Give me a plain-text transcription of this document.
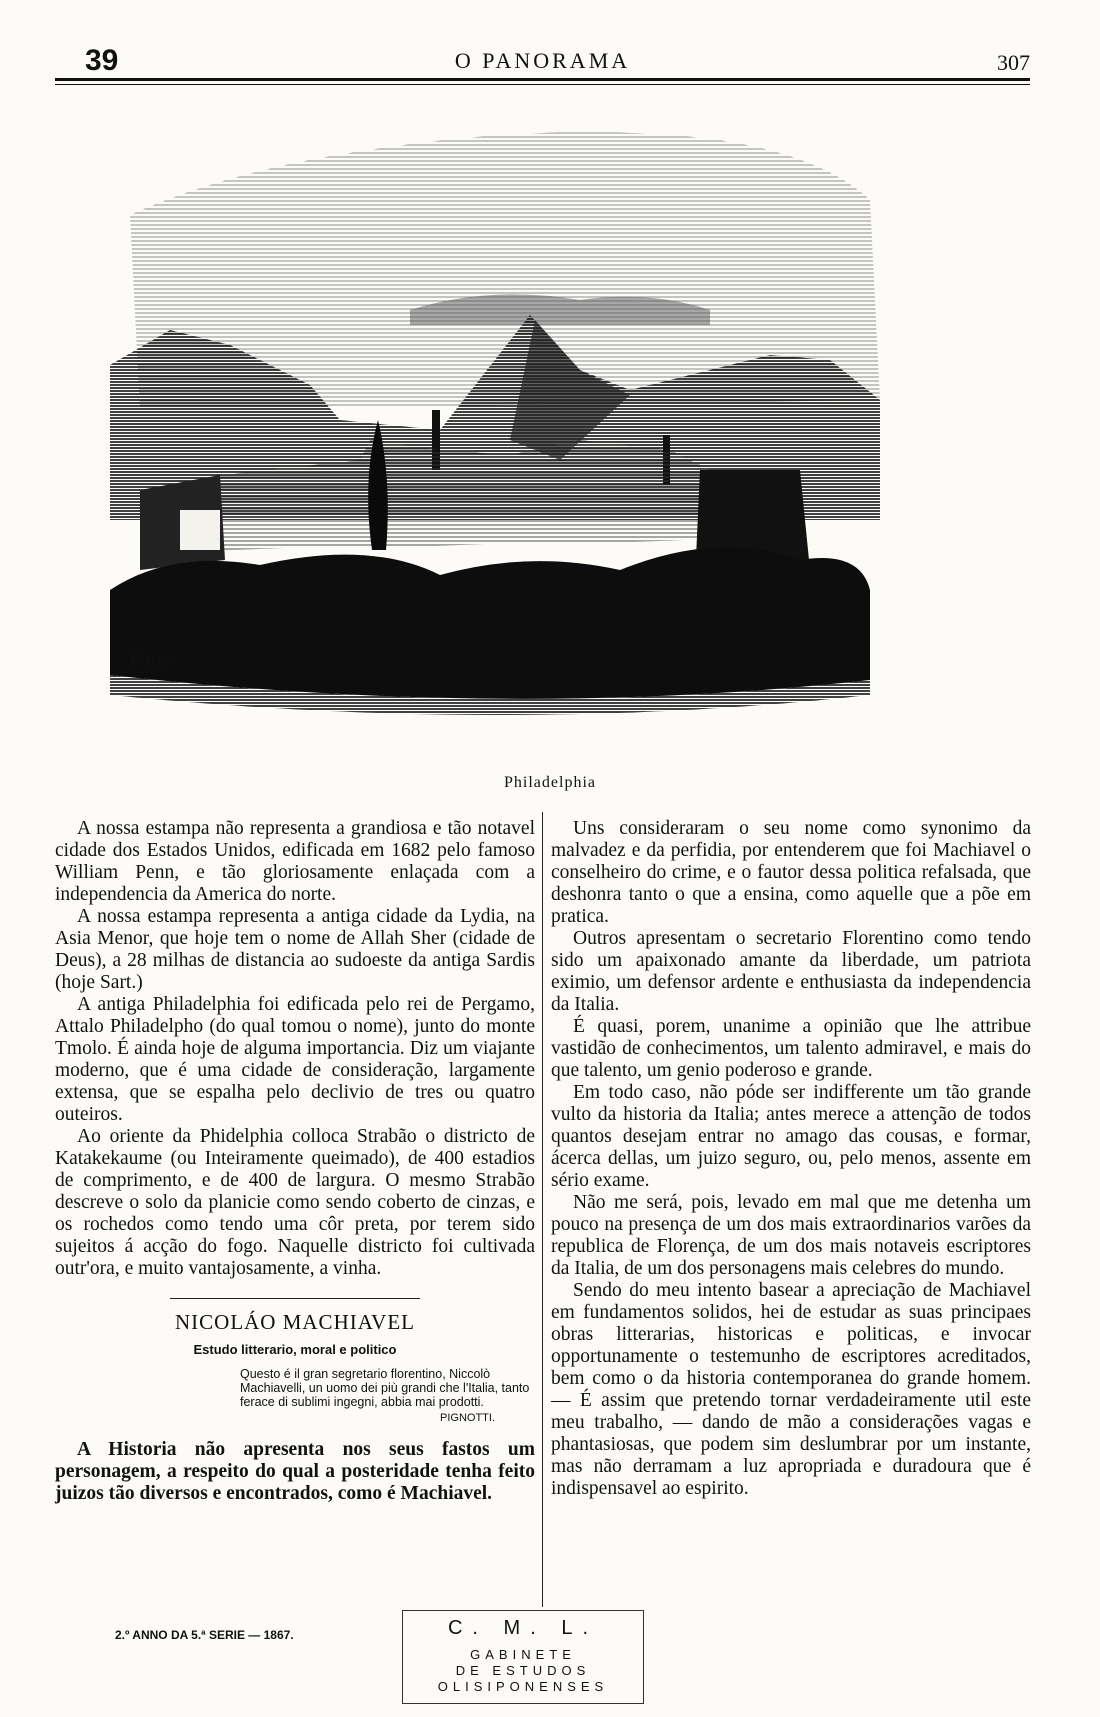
39	O PANORAMA	307
Pastor
Philadelphia

A nossa estampa não representa a grandiosa e tão notavel cidade dos Estados Unidos, edificada em 1682 pelo famoso William Penn, e tão gloriosamente enlaçada com a independencia da America do norte.

A nossa estampa representa a antiga cidade da Lydia, na Asia Menor, que hoje tem o nome de Allah Sher (cidade de Deus), a 28 milhas de distancia ao sudoeste da antiga Sardis (hoje Sart.)

A antiga Philadelphia foi edificada pelo rei de Pergamo, Attalo Philadelpho (do qual tomou o nome), junto do monte Tmolo. É ainda hoje de alguma importancia. Diz um viajante moderno, que é uma cidade de consideração, largamente extensa, que se espalha pelo declivio de tres ou quatro outeiros.

Ao oriente da Phidelphia colloca Strabão o districto de Katakekaume (ou Inteiramente queimado), de 400 estadios de comprimento, e de 400 de largura. O mesmo Strabão descreve o solo da planicie como sendo coberto de cinzas, e os rochedos como tendo uma côr preta, por terem sido sujeitos á acção do fogo. Naquelle districto foi cultivada outr'ora, e muito vantajosamente, a vinha.

NICOLÁO MACHIAVEL
Estudo litterario, moral e politico
Questo é il gran segretario florentino, Niccolò Machiavelli, un uomo dei più grandi che l'Italia, tanto ferace di sublimi ingegni, abbia mai prodotti.
PIGNOTTI.

A Historia não apresenta nos seus fastos um personagem, a respeito do qual a posteridade tenha feito juizos tão diversos e encontrados, como é Machiavel.

Uns consideraram o seu nome como synonimo da malvadez e da perfidia, por entenderem que foi Machiavel o conselheiro do crime, e o fautor dessa politica refalsada, que deshonra tanto o que a ensina, como aquelle que a põe em pratica.

Outros apresentam o secretario Florentino como tendo sido um apaixonado amante da liberdade, um patriota eximio, um defensor ardente e enthusiasta da independencia da Italia.

É quasi, porem, unanime a opinião que lhe attribue vastidão de conhecimentos, um talento admiravel, e mais do que talento, um genio poderoso e grande.

Em todo caso, não póde ser indifferente um tão grande vulto da historia da Italia; antes merece a attenção de todos quantos desejam entrar no amago das cousas, e formar, ácerca dellas, um juizo seguro, ou, pelo menos, assente em sério exame.

Não me será, pois, levado em mal que me detenha um pouco na presença de um dos mais extraordinarios varões da republica de Florença, de um dos mais notaveis escriptores da Italia, de um dos personagens mais celebres do mundo.

Sendo do meu intento basear a apreciação de Machiavel em fundamentos solidos, hei de estudar as suas principaes obras litterarias, historicas e politicas, e invocar opportunamente o testemunho de escriptores acreditados, bem como o da historia contemporanea do grande homem. — É assim que pretendo tornar verdadeiramente util este meu trabalho, — dando de mão a considerações vagas e phantasiosas, que podem sim deslumbrar por um instante, mas não derramam a luz apropriada e duradoura que é indispensavel ao espirito.

2.º ANNO DA 5.ª SERIE — 1867.	C. M. L.
GABINETE
DE ESTUDOS
OLISIPONENSES
